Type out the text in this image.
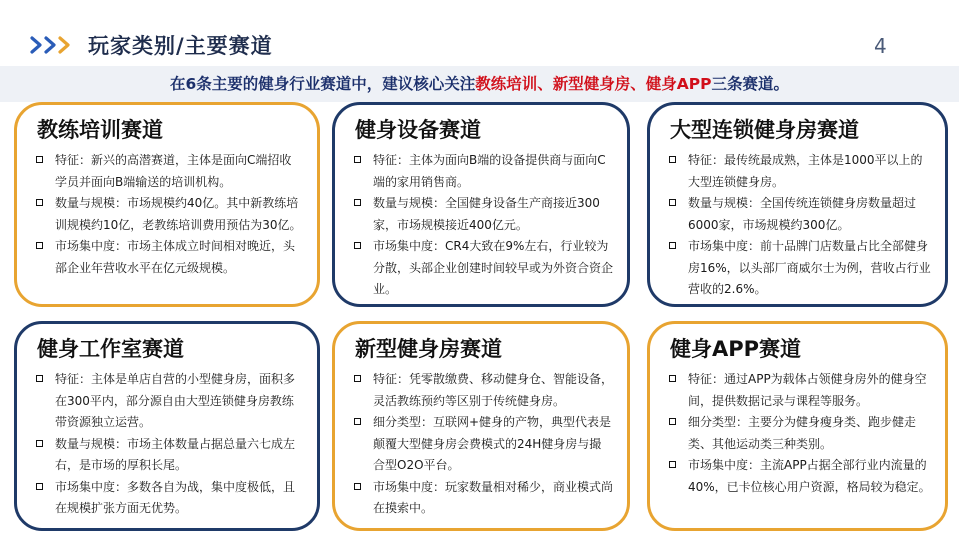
玩家类别/主要赛道	4
在6条主要的健身行业赛道中，建议核心关注教练培训、新型健身房、健身APP三条赛道。
教练培训赛道
特征：新兴的高潜赛道，主体是面向C端招收学员并面向B端输送的培训机构。
数量与规模：市场规模约40亿。其中新教练培训规模约10亿，老教练培训费用预估为30亿。
市场集中度：市场主体成立时间相对晚近，头部企业年营收水平在亿元级规模。
健身设备赛道
特征：主体为面向B端的设备提供商与面向C端的家用销售商。
数量与规模：全国健身设备生产商接近300家，市场规模接近400亿元。
市场集中度：CR4大致在9%左右，行业较为分散，头部企业创建时间较早或为外资合资企业。
大型连锁健身房赛道
特征：最传统最成熟，主体是1000平以上的大型连锁健身房。
数量与规模：全国传统连锁健身房数量超过6000家，市场规模约300亿。
市场集中度：前十品牌门店数量占比全部健身房16%，以头部厂商威尔士为例，营收占行业营收的2.6%。
健身工作室赛道
特征：主体是单店自营的小型健身房，面积多在300平内，部分源自由大型连锁健身房教练带资源独立运营。
数量与规模：市场主体数量占据总量六七成左右，是市场的厚积长尾。
市场集中度：多数各自为战，集中度极低，且在规模扩张方面无优势。
新型健身房赛道
特征：凭零散缴费、移动健身仓、智能设备，灵活教练预约等区别于传统健身房。
细分类型：互联网+健身的产物，典型代表是颠覆大型健身房会费模式的24H健身房与撮合型O2O平台。
市场集中度：玩家数量相对稀少，商业模式尚在摸索中。
健身APP赛道
特征：通过APP为载体占领健身房外的健身空间，提供数据记录与课程等服务。
细分类型：主要分为健身瘦身类、跑步健走类、其他运动类三种类别。
市场集中度：主流APP占据全部行业内流量的40%，已卡位核心用户资源，格局较为稳定。
